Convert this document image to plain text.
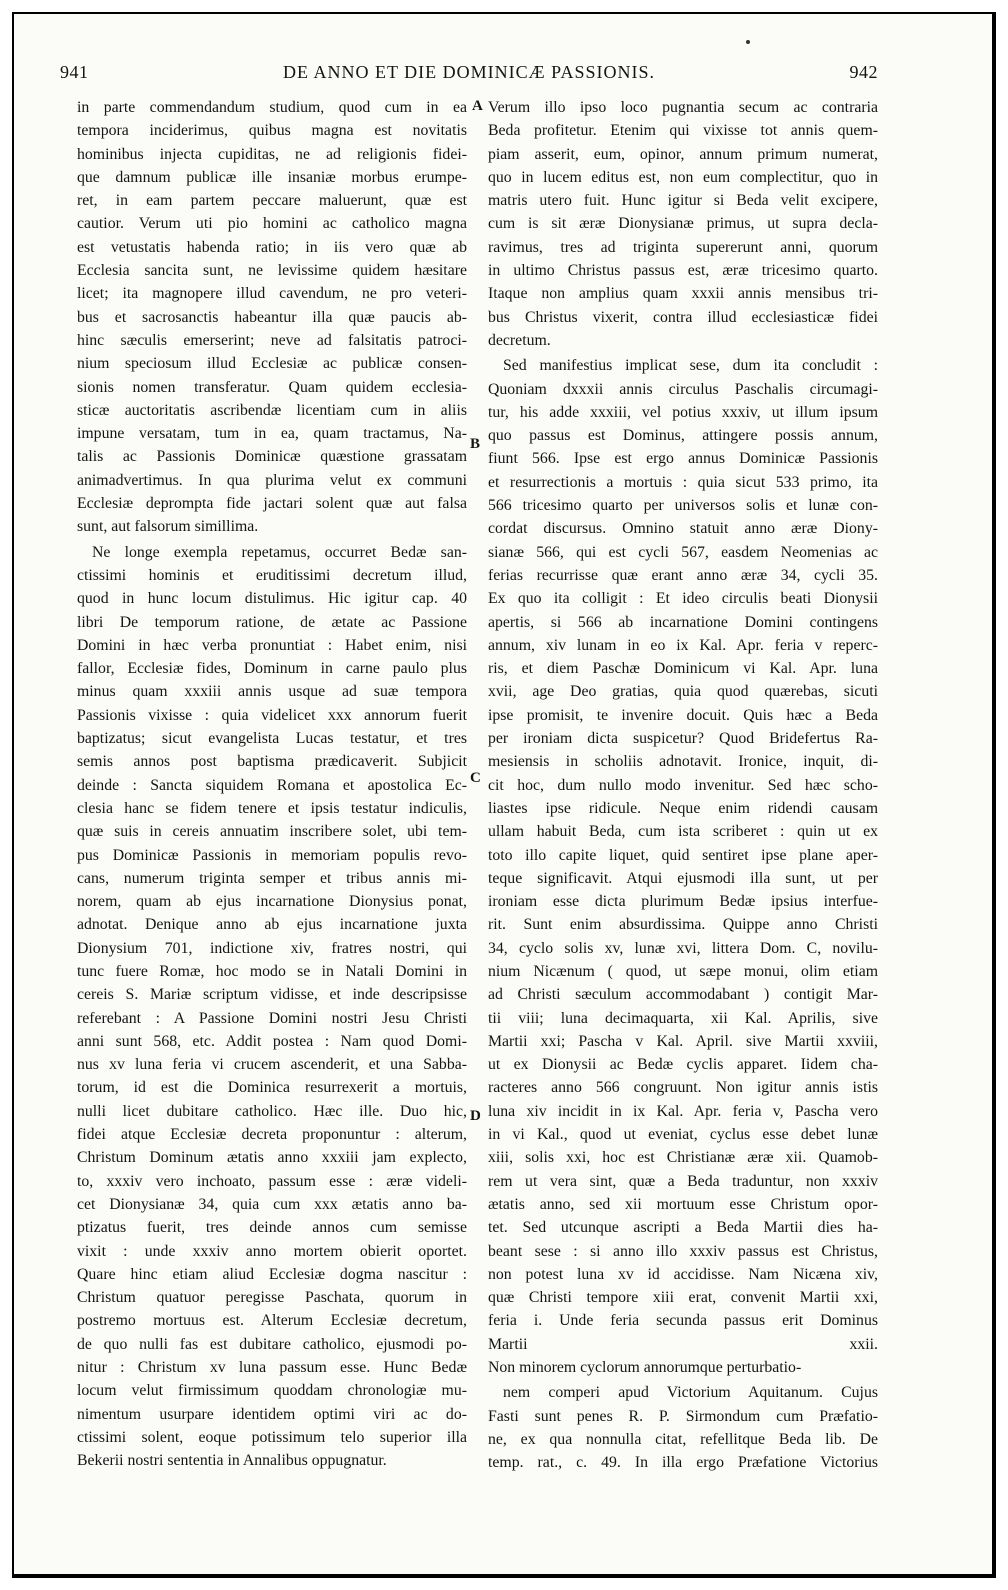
941	DE ANNO ET DIE DOMINICÆ PASSIONIS.	942
A
B
C
D
in parte commendandum studium, quod cum in ea
tempora inciderimus, quibus magna est novitatis
hominibus injecta cupiditas, ne ad religionis fidei-
que damnum publicæ ille insaniæ morbus erumpe-
ret, in eam partem peccare maluerunt, quæ est
cautior. Verum uti pio homini ac catholico magna
est vetustatis habenda ratio; in iis vero quæ ab
Ecclesia sancita sunt, ne levissime quidem hæsitare
licet; ita magnopere illud cavendum, ne pro veteri-
bus et sacrosanctis habeantur illa quæ paucis ab-
hinc sæculis emerserint; neve ad falsitatis patroci-
nium speciosum illud Ecclesiæ ac publicæ consen-
sionis nomen transferatur. Quam quidem ecclesia-
sticæ auctoritatis ascribendæ licentiam cum in aliis
impune versatam, tum in ea, quam tractamus, Na-
talis ac Passionis Dominicæ quæstione grassatam
animadvertimus. In qua plurima velut ex communi
Ecclesiæ deprompta fide jactari solent quæ aut falsa
sunt, aut falsorum simillima.
Ne longe exempla repetamus, occurret Bedæ san-
ctissimi hominis et eruditissimi decretum illud,
quod in hunc locum distulimus. Hic igitur cap. 40
libri De temporum ratione, de ætate ac Passione
Domini in hæc verba pronuntiat : Habet enim, nisi
fallor, Ecclesiæ fides, Dominum in carne paulo plus
minus quam xxxiii annis usque ad suæ tempora
Passionis vixisse : quia videlicet xxx annorum fuerit
baptizatus; sicut evangelista Lucas testatur, et tres
semis annos post baptisma prædicaverit. Subjicit
deinde : Sancta siquidem Romana et apostolica Ec-
clesia hanc se fidem tenere et ipsis testatur indiculis,
quæ suis in cereis annuatim inscribere solet, ubi tem-
pus Dominicæ Passionis in memoriam populis revo-
cans, numerum triginta semper et tribus annis mi-
norem, quam ab ejus incarnatione Dionysius ponat,
adnotat. Denique anno ab ejus incarnatione juxta
Dionysium 701, indictione xiv, fratres nostri, qui
tunc fuere Romæ, hoc modo se in Natali Domini in
cereis S. Mariæ scriptum vidisse, et inde descripsisse
referebant : A Passione Domini nostri Jesu Christi
anni sunt 568, etc. Addit postea : Nam quod Domi-
nus xv luna feria vi crucem ascenderit, et una Sabba-
torum, id est die Dominica resurrexerit a mortuis,
nulli licet dubitare catholico. Hæc ille. Duo hic,
fidei atque Ecclesiæ decreta proponuntur : alterum,
Christum Dominum ætatis anno xxxiii jam explecto,
to, xxxiv vero inchoato, passum esse : æræ videli-
cet Dionysianæ 34, quia cum xxx ætatis anno ba-
ptizatus fuerit, tres deinde annos cum semisse
vixit : unde xxxiv anno mortem obierit oportet.
Quare hinc etiam aliud Ecclesiæ dogma nascitur :
Christum quatuor peregisse Paschata, quorum in
postremo mortuus est. Alterum Ecclesiæ decretum,
de quo nulli fas est dubitare catholico, ejusmodi po-
nitur : Christum xv luna passum esse. Hunc Bedæ
locum velut firmissimum quoddam chronologiæ mu-
nimentum usurpare identidem optimi viri ac do-
ctissimi solent, eoque potissimum telo superior illa
Bekerii nostri sententia in Annalibus oppugnatur.
Verum illo ipso loco pugnantia secum ac contraria
Beda profitetur. Etenim qui vixisse tot annis quem-
piam asserit, eum, opinor, annum primum numerat,
quo in lucem editus est, non eum complectitur, quo in
matris utero fuit. Hunc igitur si Beda velit excipere,
cum is sit æræ Dionysianæ primus, ut supra decla-
ravimus, tres ad triginta supererunt anni, quorum
in ultimo Christus passus est, æræ tricesimo quarto.
Itaque non amplius quam xxxii annis mensibus tri-
bus Christus vixerit, contra illud ecclesiasticæ fidei
decretum.
Sed manifestius implicat sese, dum ita concludit :
Quoniam dxxxii annis circulus Paschalis circumagi-
tur, his adde xxxiii, vel potius xxxiv, ut illum ipsum
quo passus est Dominus, attingere possis annum,
fiunt 566. Ipse est ergo annus Dominicæ Passionis
et resurrectionis a mortuis : quia sicut 533 primo, ita
566 tricesimo quarto per universos solis et lunæ con-
cordat discursus. Omnino statuit anno æræ Diony-
sianæ 566, qui est cycli 567, easdem Neomenias ac
ferias recurrisse quæ erant anno æræ 34, cycli 35.
Ex quo ita colligit : Et ideo circulis beati Dionysii
apertis, si 566 ab incarnatione Domini contingens
annum, xiv lunam in eo ix Kal. Apr. feria v reperc-
ris, et diem Paschæ Dominicum vi Kal. Apr. luna
xvii, age Deo gratias, quia quod quærebas, sicuti
ipse promisit, te invenire docuit. Quis hæc a Beda
per ironiam dicta suspicetur? Quod Bridefertus Ra-
mesiensis in scholiis adnotavit. Ironice, inquit, di-
cit hoc, dum nullo modo invenitur. Sed hæc scho-
liastes ipse ridicule. Neque enim ridendi causam
ullam habuit Beda, cum ista scriberet : quin ut ex
toto illo capite liquet, quid sentiret ipse plane aper-
teque significavit. Atqui ejusmodi illa sunt, ut per
ironiam esse dicta plurimum Bedæ ipsius interfue-
rit. Sunt enim absurdissima. Quippe anno Christi
34, cyclo solis xv, lunæ xvi, littera Dom. C, novilu-
nium Nicænum ( quod, ut sæpe monui, olim etiam
ad Christi sæculum accommodabant ) contigit Mar-
tii viii; luna decimaquarta, xii Kal. Aprilis, sive
Martii xxi; Pascha v Kal. April. sive Martii xxviii,
ut ex Dionysii ac Bedæ cyclis apparet. Iidem cha-
racteres anno 566 congruunt. Non igitur annis istis
luna xiv incidit in ix Kal. Apr. feria v, Pascha vero
in vi Kal., quod ut eveniat, cyclus esse debet lunæ
xiii, solis xxi, hoc est Christianæ æræ xii. Quamob-
rem ut vera sint, quæ a Beda traduntur, non xxxiv
ætatis anno, sed xii mortuum esse Christum opor-
tet. Sed utcunque ascripti a Beda Martii dies ha-
beant sese : si anno illo xxxiv passus est Christus,
non potest luna xv id accidisse. Nam Nicæna xiv,
quæ Christi tempore xiii erat, convenit Martii xxi,
feria i. Unde feria secunda passus erit Dominus
Martii xxii.
Non minorem cyclorum annorumque perturbatio-
nem comperi apud Victorium Aquitanum. Cujus
Fasti sunt penes R. P. Sirmondum cum Præfatio-
ne, ex qua nonnulla citat, refellitque Beda lib. De
temp. rat., c. 49. In illa ergo Præfatione Victorius
